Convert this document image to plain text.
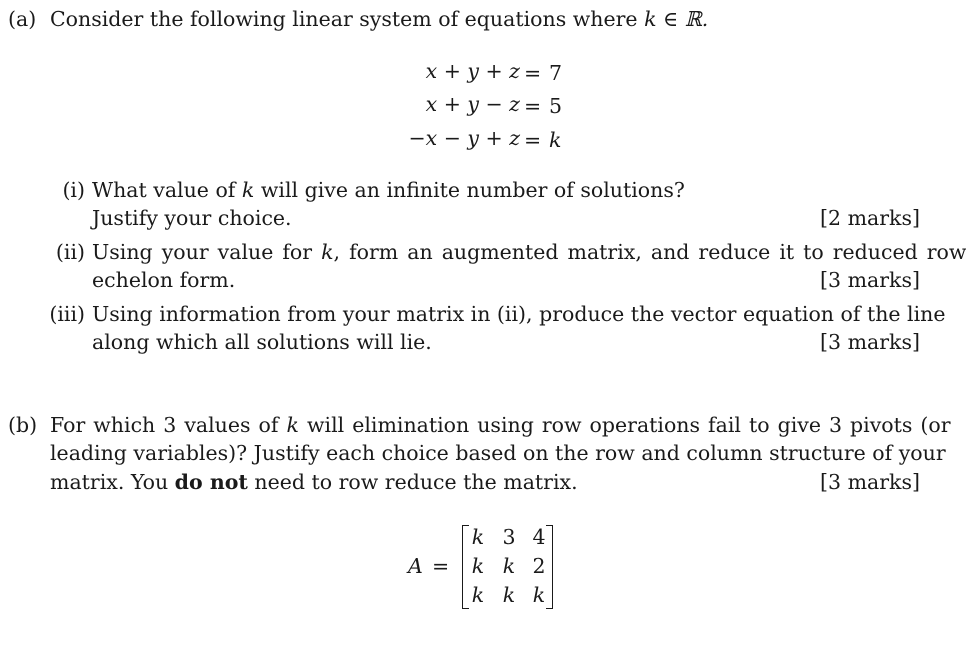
(a) Consider the following linear system of equations where k ∈ ℝ.
x + y + z = 7
x + y − z = 5
−x − y + z = k
(i) What value of k will give an infinite number of solutions?
Justify your choice.	[2 marks]
(ii) Using your value for k, form an augmented matrix, and reduce it to reduced row
echelon form.	[3 marks]
(iii) Using information from your matrix in (ii), produce the vector equation of the line
along which all solutions will lie.	[3 marks]
(b) For which 3 values of k will elimination using row operations fail to give 3 pivots (or
leading variables)? Justify each choice based on the row and column structure of your
matrix. You do not need to row reduce the matrix.	[3 marks]
A =
k 3 4
k k 2
k k k
